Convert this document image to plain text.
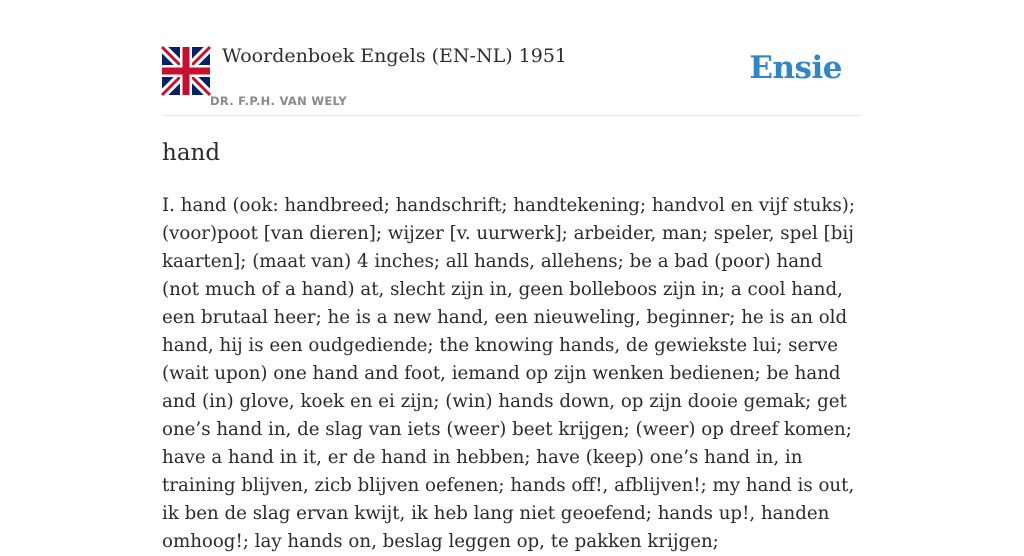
Woordenboek Engels (EN-NL) 1951
DR. F.P.H. VAN WELY
Ensie
hand

I. hand (ook: handbreed; handschrift; handtekening; handvol en vijf stuks); (voor)poot [van dieren]; wijzer [v. uurwerk]; arbeider, man; speler, spel [bij kaarten]; (maat van) 4 inches; all hands, allehens; be a bad (poor) hand (not much of a hand) at, slecht zijn in, geen bolleboos zijn in; a cool hand, een brutaal heer; he is a new hand, een nieuweling, beginner; he is an old hand, hij is een oudgediende; the knowing hands, de gewiekste lui; serve (wait upon) one hand and foot, iemand op zijn wenken bedienen; be hand and (in) glove, koek en ei zijn; (win) hands down, op zijn dooie gemak; get one’s hand in, de slag van iets (weer) beet krijgen; (weer) op dreef komen; have a hand in it, er de hand in hebben; have (keep) one’s hand in, in training blijven, zicb blijven oefenen; hands off!, afblijven!; my hand is out, ik ben de slag ervan kwijt, ik heb lang niet geoefend; hands up!, handen omhoog!; lay hands on, beslag leggen op, te pakken krijgen;
